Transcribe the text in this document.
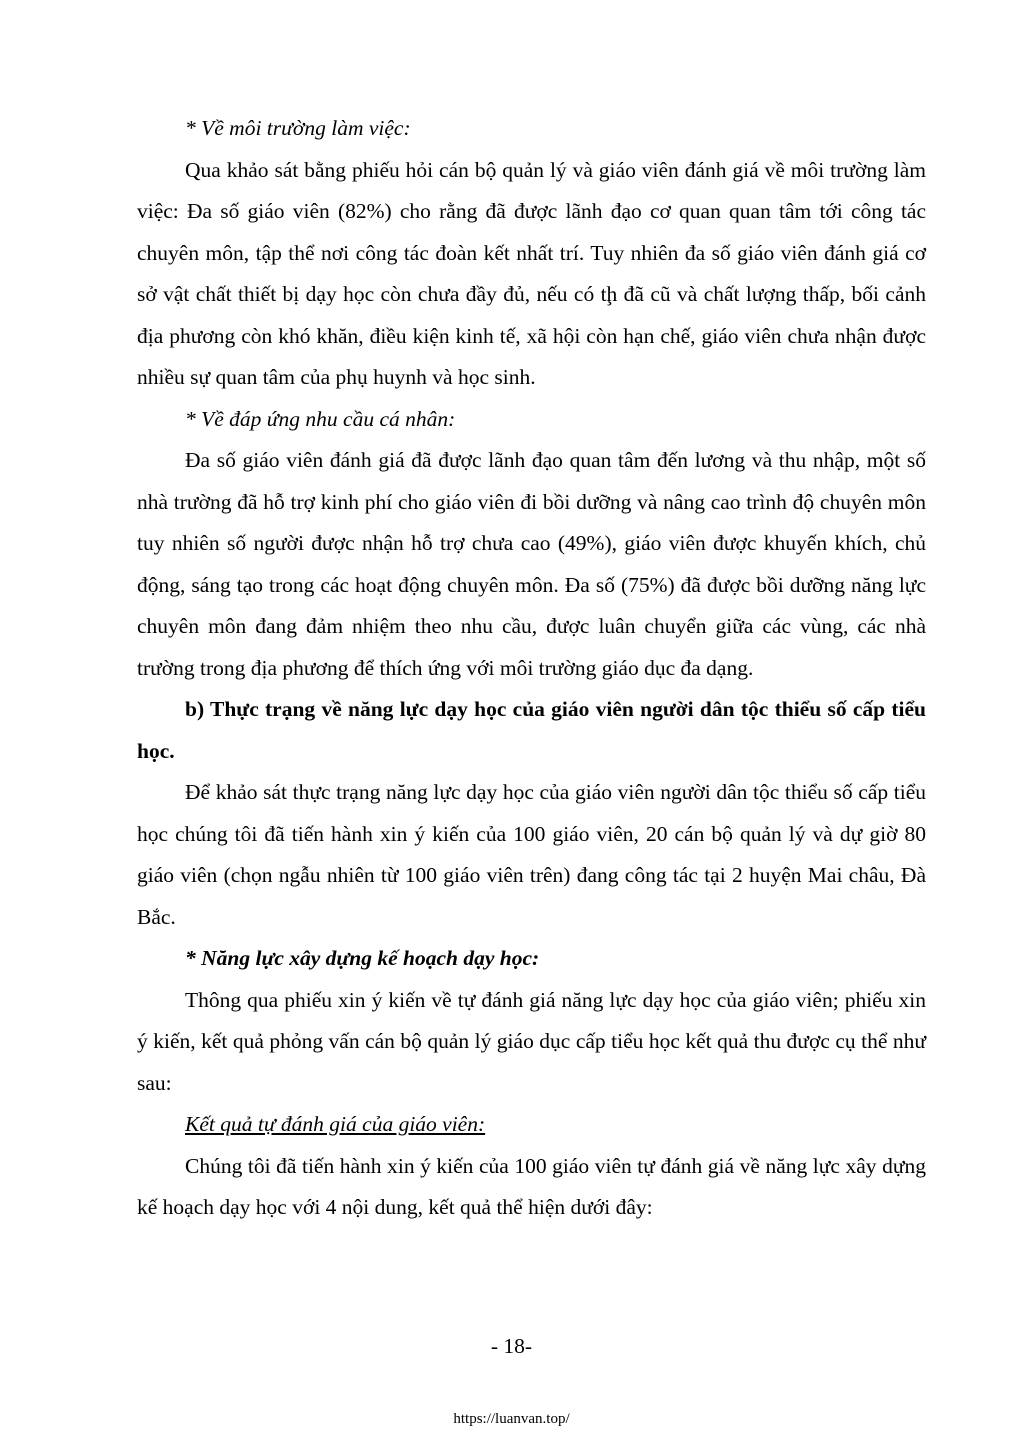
* Về môi trường làm việc:

Qua khảo sát bằng phiếu hỏi cán bộ quản lý và giáo viên đánh giá về môi trường làm việc: Đa số giáo viên (82%) cho rằng đã được lãnh đạo cơ quan quan tâm tới công tác chuyên môn, tập thể nơi công tác đoàn kết nhất trí. Tuy nhiên đa số giáo viên đánh giá cơ sở vật chất thiết bị dạy học còn chưa đầy đủ, nếu có tḩ đã cũ và chất lượng thấp, bối cảnh địa phương còn khó khăn, điều kiện kinh tế, xã hội còn hạn chế, giáo viên chưa nhận được nhiều sự quan tâm của phụ huynh và học sinh.

* Về đáp ứng nhu cầu cá nhân:

Đa số giáo viên đánh giá đã được lãnh đạo quan tâm đến lương và thu nhập, một số nhà trường đã hỗ trợ kinh phí cho giáo viên đi bồi dưỡng và nâng cao trình độ chuyên môn tuy nhiên số người được nhận hỗ trợ chưa cao (49%), giáo viên được khuyến khích, chủ động, sáng tạo trong các hoạt động chuyên môn. Đa số (75%) đã được bồi dưỡng năng lực chuyên môn đang đảm nhiệm theo nhu cầu, được luân chuyển giữa các vùng, các nhà trường trong địa phương để thích ứng với môi trường giáo dục đa dạng.

b) Thực trạng về năng lực dạy học của giáo viên người dân tộc thiểu số cấp tiểu học.

Để khảo sát thực trạng năng lực dạy học của giáo viên người dân tộc thiểu số cấp tiểu học chúng tôi đã tiến hành xin ý kiến của 100 giáo viên, 20 cán bộ quản lý và dự giờ 80 giáo viên (chọn ngẫu nhiên từ 100 giáo viên trên) đang công tác tại 2 huyện Mai châu, Đà Bắc.

* Năng lực xây dựng kế hoạch dạy học:

Thông qua phiếu xin ý kiến về tự đánh giá năng lực dạy học của giáo viên; phiếu xin ý kiến, kết quả phỏng vấn cán bộ quản lý giáo dục cấp tiểu học kết quả thu được cụ thể như sau:

Kết quả tự đánh giá của giáo viên:

Chúng tôi đã tiến hành xin ý kiến của 100 giáo viên tự đánh giá về năng lực xây dựng kế hoạch dạy học với 4 nội dung, kết quả thể hiện dưới đây:

- 18-
https://luanvan.top/
